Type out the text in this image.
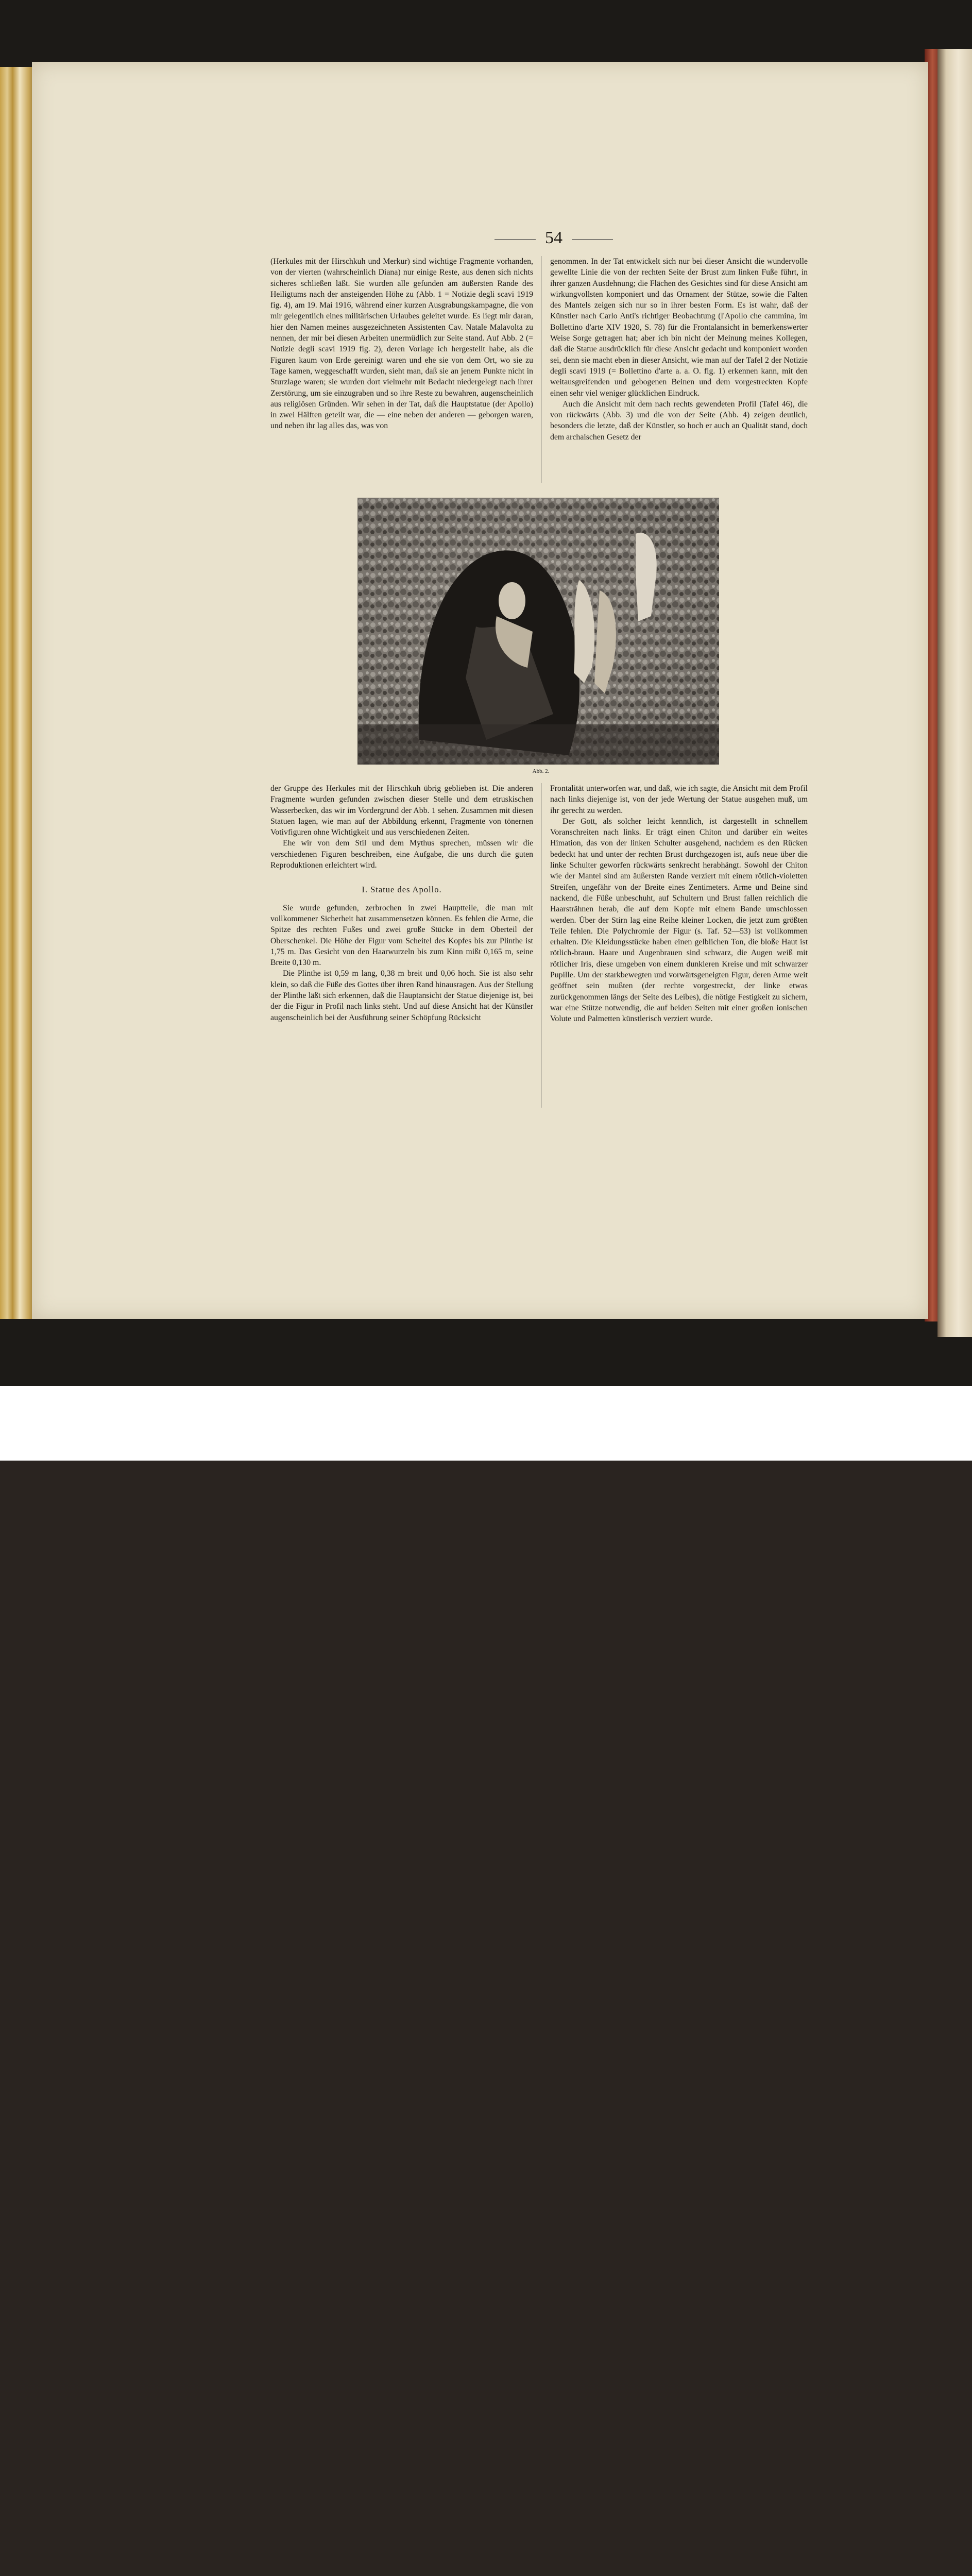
54

(Herkules mit der Hirschkuh und Merkur) sind wichtige Fragmente vorhanden, von der vierten (wahrscheinlich Diana) nur einige Reste, aus denen sich nichts sicheres schließen läßt. Sie wurden alle gefunden am äußersten Rande des Heiligtums nach der ansteigenden Höhe zu (Abb. 1 = Notizie degli scavi 1919 fig. 4), am 19. Mai 1916, während einer kurzen Ausgrabungskampagne, die von mir gelegentlich eines militärischen Urlaubes geleitet wurde. Es liegt mir daran, hier den Namen meines ausgezeichneten Assistenten Cav. Natale Malavolta zu nennen, der mir bei diesen Arbeiten unermüdlich zur Seite stand. Auf Abb. 2 (= Notizie degli scavi 1919 fig. 2), deren Vorlage ich hergestellt habe, als die Figuren kaum von Erde gereinigt waren und ehe sie von dem Ort, wo sie zu Tage kamen, weggeschafft wurden, sieht man, daß sie an jenem Punkte nicht in Sturzlage waren; sie wurden dort vielmehr mit Bedacht niedergelegt nach ihrer Zerstörung, um sie einzugraben und so ihre Reste zu bewahren, augenscheinlich aus religiösen Gründen. Wir sehen in der Tat, daß die Hauptstatue (der Apollo) in zwei Hälften geteilt war, die — eine neben der anderen — geborgen waren, und neben ihr lag alles das, was von

genommen. In der Tat entwickelt sich nur bei dieser Ansicht die wundervolle gewellte Linie die von der rechten Seite der Brust zum linken Fuße führt, in ihrer ganzen Ausdehnung; die Flächen des Gesichtes sind für diese Ansicht am wirkungvollsten komponiert und das Ornament der Stütze, sowie die Falten des Mantels zeigen sich nur so in ihrer besten Form. Es ist wahr, daß der Künstler nach Carlo Anti's richtiger Beobachtung (l'Apollo che cammina, im Bollettino d'arte XIV 1920, S. 78) für die Frontalansicht in bemerkenswerter Weise Sorge getragen hat; aber ich bin nicht der Meinung meines Kollegen, daß die Statue ausdrücklich für diese Ansicht gedacht und komponiert worden sei, denn sie macht eben in dieser Ansicht, wie man auf der Tafel 2 der Notizie degli scavi 1919 (= Bollettino d'arte a. a. O. fig. 1) erkennen kann, mit den weitausgreifenden und gebogenen Beinen und dem vorgestreckten Kopfe einen sehr viel weniger glücklichen Eindruck.

Auch die Ansicht mit dem nach rechts gewendeten Profil (Tafel 46), die von rückwärts (Abb. 3) und die von der Seite (Abb. 4) zeigen deutlich, besonders die letzte, daß der Künstler, so hoch er auch an Qualität stand, doch dem archaischen Gesetz der

Abb. 2.

der Gruppe des Herkules mit der Hirschkuh übrig geblieben ist. Die anderen Fragmente wurden gefunden zwischen dieser Stelle und dem etruskischen Wasserbecken, das wir im Vordergrund der Abb. 1 sehen. Zusammen mit diesen Statuen lagen, wie man auf der Abbildung erkennt, Fragmente von tönernen Votivfiguren ohne Wichtigkeit und aus verschiedenen Zeiten.

Ehe wir von dem Stil und dem Mythus sprechen, müssen wir die verschiedenen Figuren beschreiben, eine Aufgabe, die uns durch die guten Reproduktionen erleichtert wird.

I. Statue des Apollo.

Sie wurde gefunden, zerbrochen in zwei Hauptteile, die man mit vollkommener Sicherheit hat zusammensetzen können. Es fehlen die Arme, die Spitze des rechten Fußes und zwei große Stücke in dem Oberteil der Oberschenkel. Die Höhe der Figur vom Scheitel des Kopfes bis zur Plinthe ist 1,75 m. Das Gesicht von den Haarwurzeln bis zum Kinn mißt 0,165 m, seine Breite 0,130 m.

Die Plinthe ist 0,59 m lang, 0,38 m breit und 0,06 hoch. Sie ist also sehr klein, so daß die Füße des Gottes über ihren Rand hinausragen. Aus der Stellung der Plinthe läßt sich erkennen, daß die Hauptansicht der Statue diejenige ist, bei der die Figur in Profil nach links steht. Und auf diese Ansicht hat der Künstler augenscheinlich bei der Ausführung seiner Schöpfung Rücksicht

Frontalität unterworfen war, und daß, wie ich sagte, die Ansicht mit dem Profil nach links diejenige ist, von der jede Wertung der Statue ausgehen muß, um ihr gerecht zu werden.

Der Gott, als solcher leicht kenntlich, ist dargestellt in schnellem Voranschreiten nach links. Er trägt einen Chiton und darüber ein weites Himation, das von der linken Schulter ausgehend, nachdem es den Rücken bedeckt hat und unter der rechten Brust durchgezogen ist, aufs neue über die linke Schulter geworfen rückwärts senkrecht herabhängt. Sowohl der Chiton wie der Mantel sind am äußersten Rande verziert mit einem rötlich-violetten Streifen, ungefähr von der Breite eines Zentimeters. Arme und Beine sind nackend, die Füße unbeschuht, auf Schultern und Brust fallen reichlich die Haarsträhnen herab, die auf dem Kopfe mit einem Bande umschlossen werden. Über der Stirn lag eine Reihe kleiner Locken, die jetzt zum größten Teile fehlen. Die Polychromie der Figur (s. Taf. 52—53) ist vollkommen erhalten. Die Kleidungsstücke haben einen gelblichen Ton, die bloße Haut ist rötlich-braun. Haare und Augenbrauen sind schwarz, die Augen weiß mit rötlicher Iris, diese umgeben von einem dunkleren Kreise und mit schwarzer Pupille. Um der starkbewegten und vorwärtsgeneigten Figur, deren Arme weit geöffnet sein mußten (der rechte vorgestreckt, der linke etwas zurückgenommen längs der Seite des Leibes), die nötige Festigkeit zu sichern, war eine Stütze notwendig, die auf beiden Seiten mit einer großen ionischen Volute und Palmetten künstlerisch verziert wurde.
